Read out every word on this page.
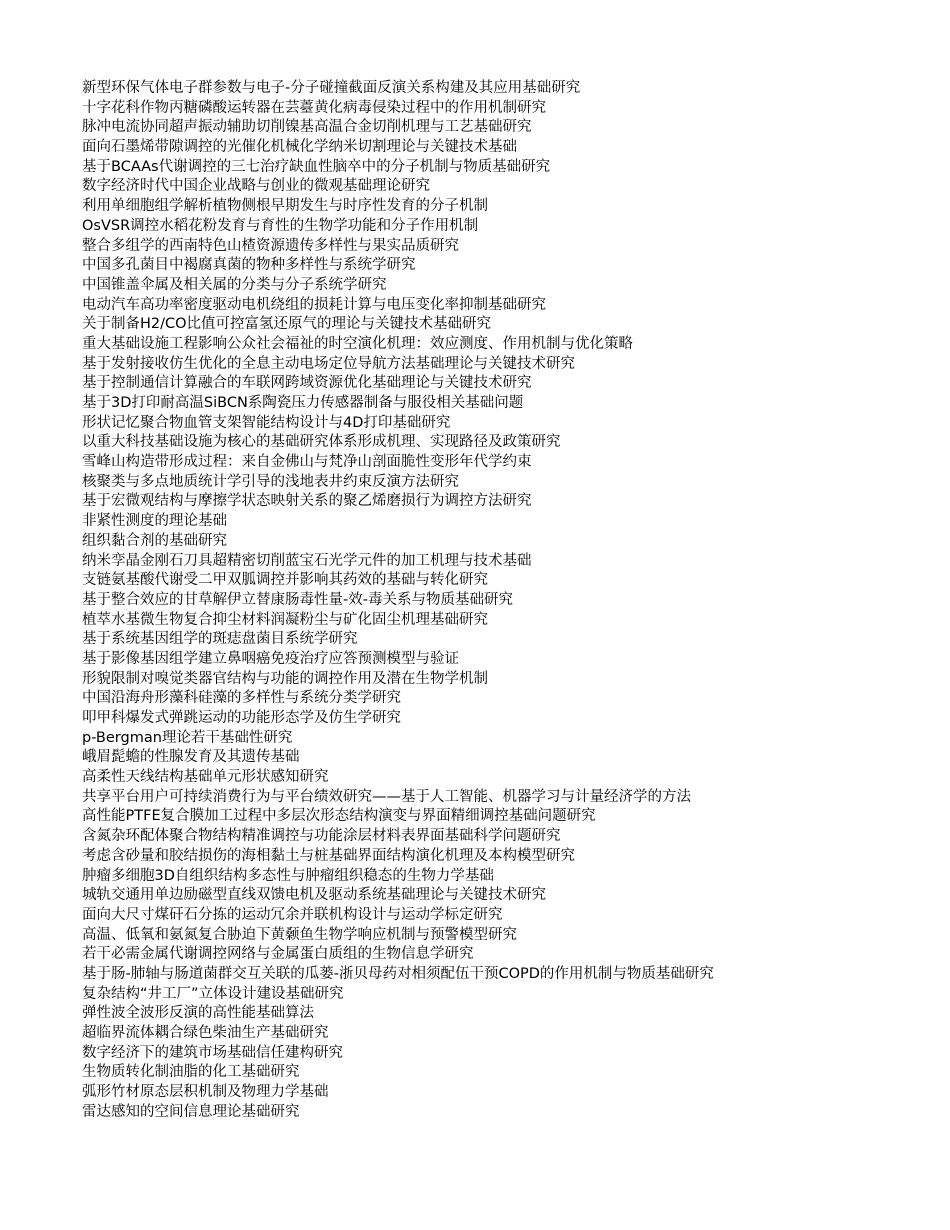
新型环保气体电子群参数与电子-分子碰撞截面反演关系构建及其应用基础研究
十字花科作物丙糖磷酸运转器在芸薹黄化病毒侵染过程中的作用机制研究
脉冲电流协同超声振动辅助切削镍基高温合金切削机理与工艺基础研究
面向石墨烯带隙调控的光催化机械化学纳米切割理论与关键技术基础
基于BCAAs代谢调控的三七治疗缺血性脑卒中的分子机制与物质基础研究
数字经济时代中国企业战略与创业的微观基础理论研究
利用单细胞组学解析植物侧根早期发生与时序性发育的分子机制
OsVSR调控水稻花粉发育与育性的生物学功能和分子作用机制
整合多组学的西南特色山楂资源遗传多样性与果实品质研究
中国多孔菌目中褐腐真菌的物种多样性与系统学研究
中国锥盖伞属及相关属的分类与分子系统学研究
电动汽车高功率密度驱动电机绕组的损耗计算与电压变化率抑制基础研究
关于制备H2/CO比值可控富氢还原气的理论与关键技术基础研究
重大基础设施工程影响公众社会福祉的时空演化机理：效应测度、作用机制与优化策略
基于发射接收仿生优化的全息主动电场定位导航方法基础理论与关键技术研究
基于控制通信计算融合的车联网跨域资源优化基础理论与关键技术研究
基于3D打印耐高温SiBCN系陶瓷压力传感器制备与服役相关基础问题
形状记忆聚合物血管支架智能结构设计与4D打印基础研究
以重大科技基础设施为核心的基础研究体系形成机理、实现路径及政策研究
雪峰山构造带形成过程：来自金佛山与梵净山剖面脆性变形年代学约束
核聚类与多点地质统计学引导的浅地表井约束反演方法研究
基于宏微观结构与摩擦学状态映射关系的聚乙烯磨损行为调控方法研究
非紧性测度的理论基础
组织黏合剂的基础研究
纳米孪晶金刚石刀具超精密切削蓝宝石光学元件的加工机理与技术基础
支链氨基酸代谢受二甲双胍调控并影响其药效的基础与转化研究
基于整合效应的甘草解伊立替康肠毒性量-效-毒关系与物质基础研究
植萃水基微生物复合抑尘材料润凝粉尘与矿化固尘机理基础研究
基于系统基因组学的斑痣盘菌目系统学研究
基于影像基因组学建立鼻咽癌免疫治疗应答预测模型与验证
形貌限制对嗅觉类器官结构与功能的调控作用及潜在生物学机制
中国沿海舟形藻科硅藻的多样性与系统分类学研究
叩甲科爆发式弹跳运动的功能形态学及仿生学研究
p-Bergman理论若干基础性研究
峨眉髭蟾的性腺发育及其遗传基础
高柔性天线结构基础单元形状感知研究
共享平台用户可持续消费行为与平台绩效研究——基于人工智能、机器学习与计量经济学的方法
高性能PTFE复合膜加工过程中多层次形态结构演变与界面精细调控基础问题研究
含氮杂环配体聚合物结构精准调控与功能涂层材料表界面基础科学问题研究
考虑含砂量和胶结损伤的海相黏土与桩基础界面结构演化机理及本构模型研究
肿瘤多细胞3D自组织结构多态性与肿瘤组织稳态的生物力学基础
城轨交通用单边励磁型直线双馈电机及驱动系统基础理论与关键技术研究
面向大尺寸煤矸石分拣的运动冗余并联机构设计与运动学标定研究
高温、低氧和氨氮复合胁迫下黄颡鱼生物学响应机制与预警模型研究
若干必需金属代谢调控网络与金属蛋白质组的生物信息学研究
基于肠-肺轴与肠道菌群交互关联的瓜蒌-浙贝母药对相须配伍干预COPD的作用机制与物质基础研究
复杂结构“井工厂”立体设计建设基础研究
弹性波全波形反演的高性能基础算法
超临界流体耦合绿色柴油生产基础研究
数字经济下的建筑市场基础信任建构研究
生物质转化制油脂的化工基础研究
弧形竹材原态层积机制及物理力学基础
雷达感知的空间信息理论基础研究
